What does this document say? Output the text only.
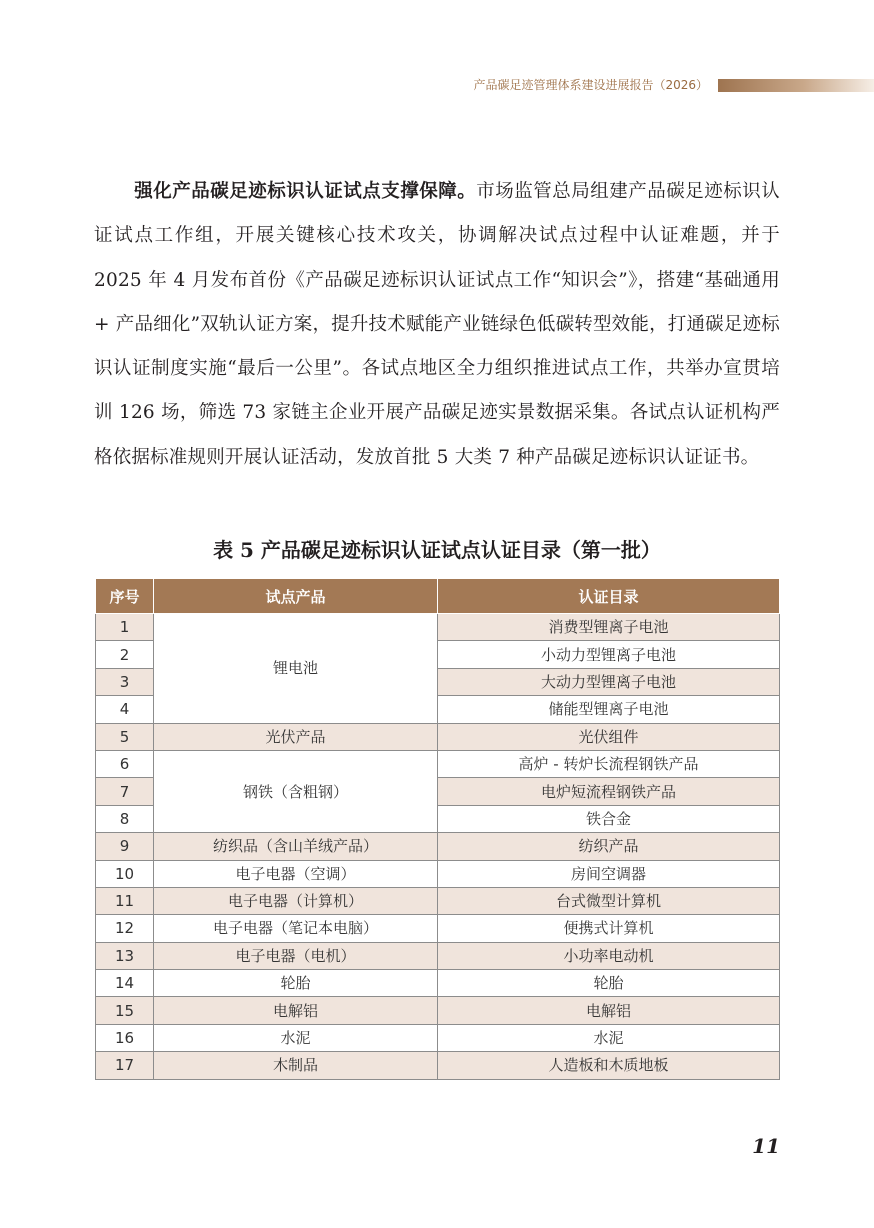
产品碳足迹管理体系建设进展报告（2026）
强化产品碳足迹标识认证试点支撑保障。市场监管总局组建产品碳足迹标识认证试点工作组，开展关键核心技术攻关，协调解决试点过程中认证难题，并于 2025 年 4 月发布首份《产品碳足迹标识认证试点工作“知识会”》，搭建“基础通用 + 产品细化”双轨认证方案，提升技术赋能产业链绿色低碳转型效能，打通碳足迹标识认证制度实施“最后一公里”。各试点地区全力组织推进试点工作，共举办宣贯培训 126 场，筛选 73 家链主企业开展产品碳足迹实景数据采集。各试点认证机构严格依据标准规则开展认证活动，发放首批 5 大类 7 种产品碳足迹标识认证证书。
表 5 产品碳足迹标识认证试点认证目录（第一批）
序号	试点产品	认证目录
1	锂电池	消费型锂离子电池
2		小动力型锂离子电池
3		大动力型锂离子电池
4		储能型锂离子电池
5	光伏产品	光伏组件
6	钢铁（含粗钢）	高炉 - 转炉长流程钢铁产品
7		电炉短流程钢铁产品
8		铁合金
9	纺织品（含山羊绒产品）	纺织产品
10	电子电器（空调）	房间空调器
11	电子电器（计算机）	台式微型计算机
12	电子电器（笔记本电脑）	便携式计算机
13	电子电器（电机）	小功率电动机
14	轮胎	轮胎
15	电解铝	电解铝
16	水泥	水泥
17	木制品	人造板和木质地板
11
